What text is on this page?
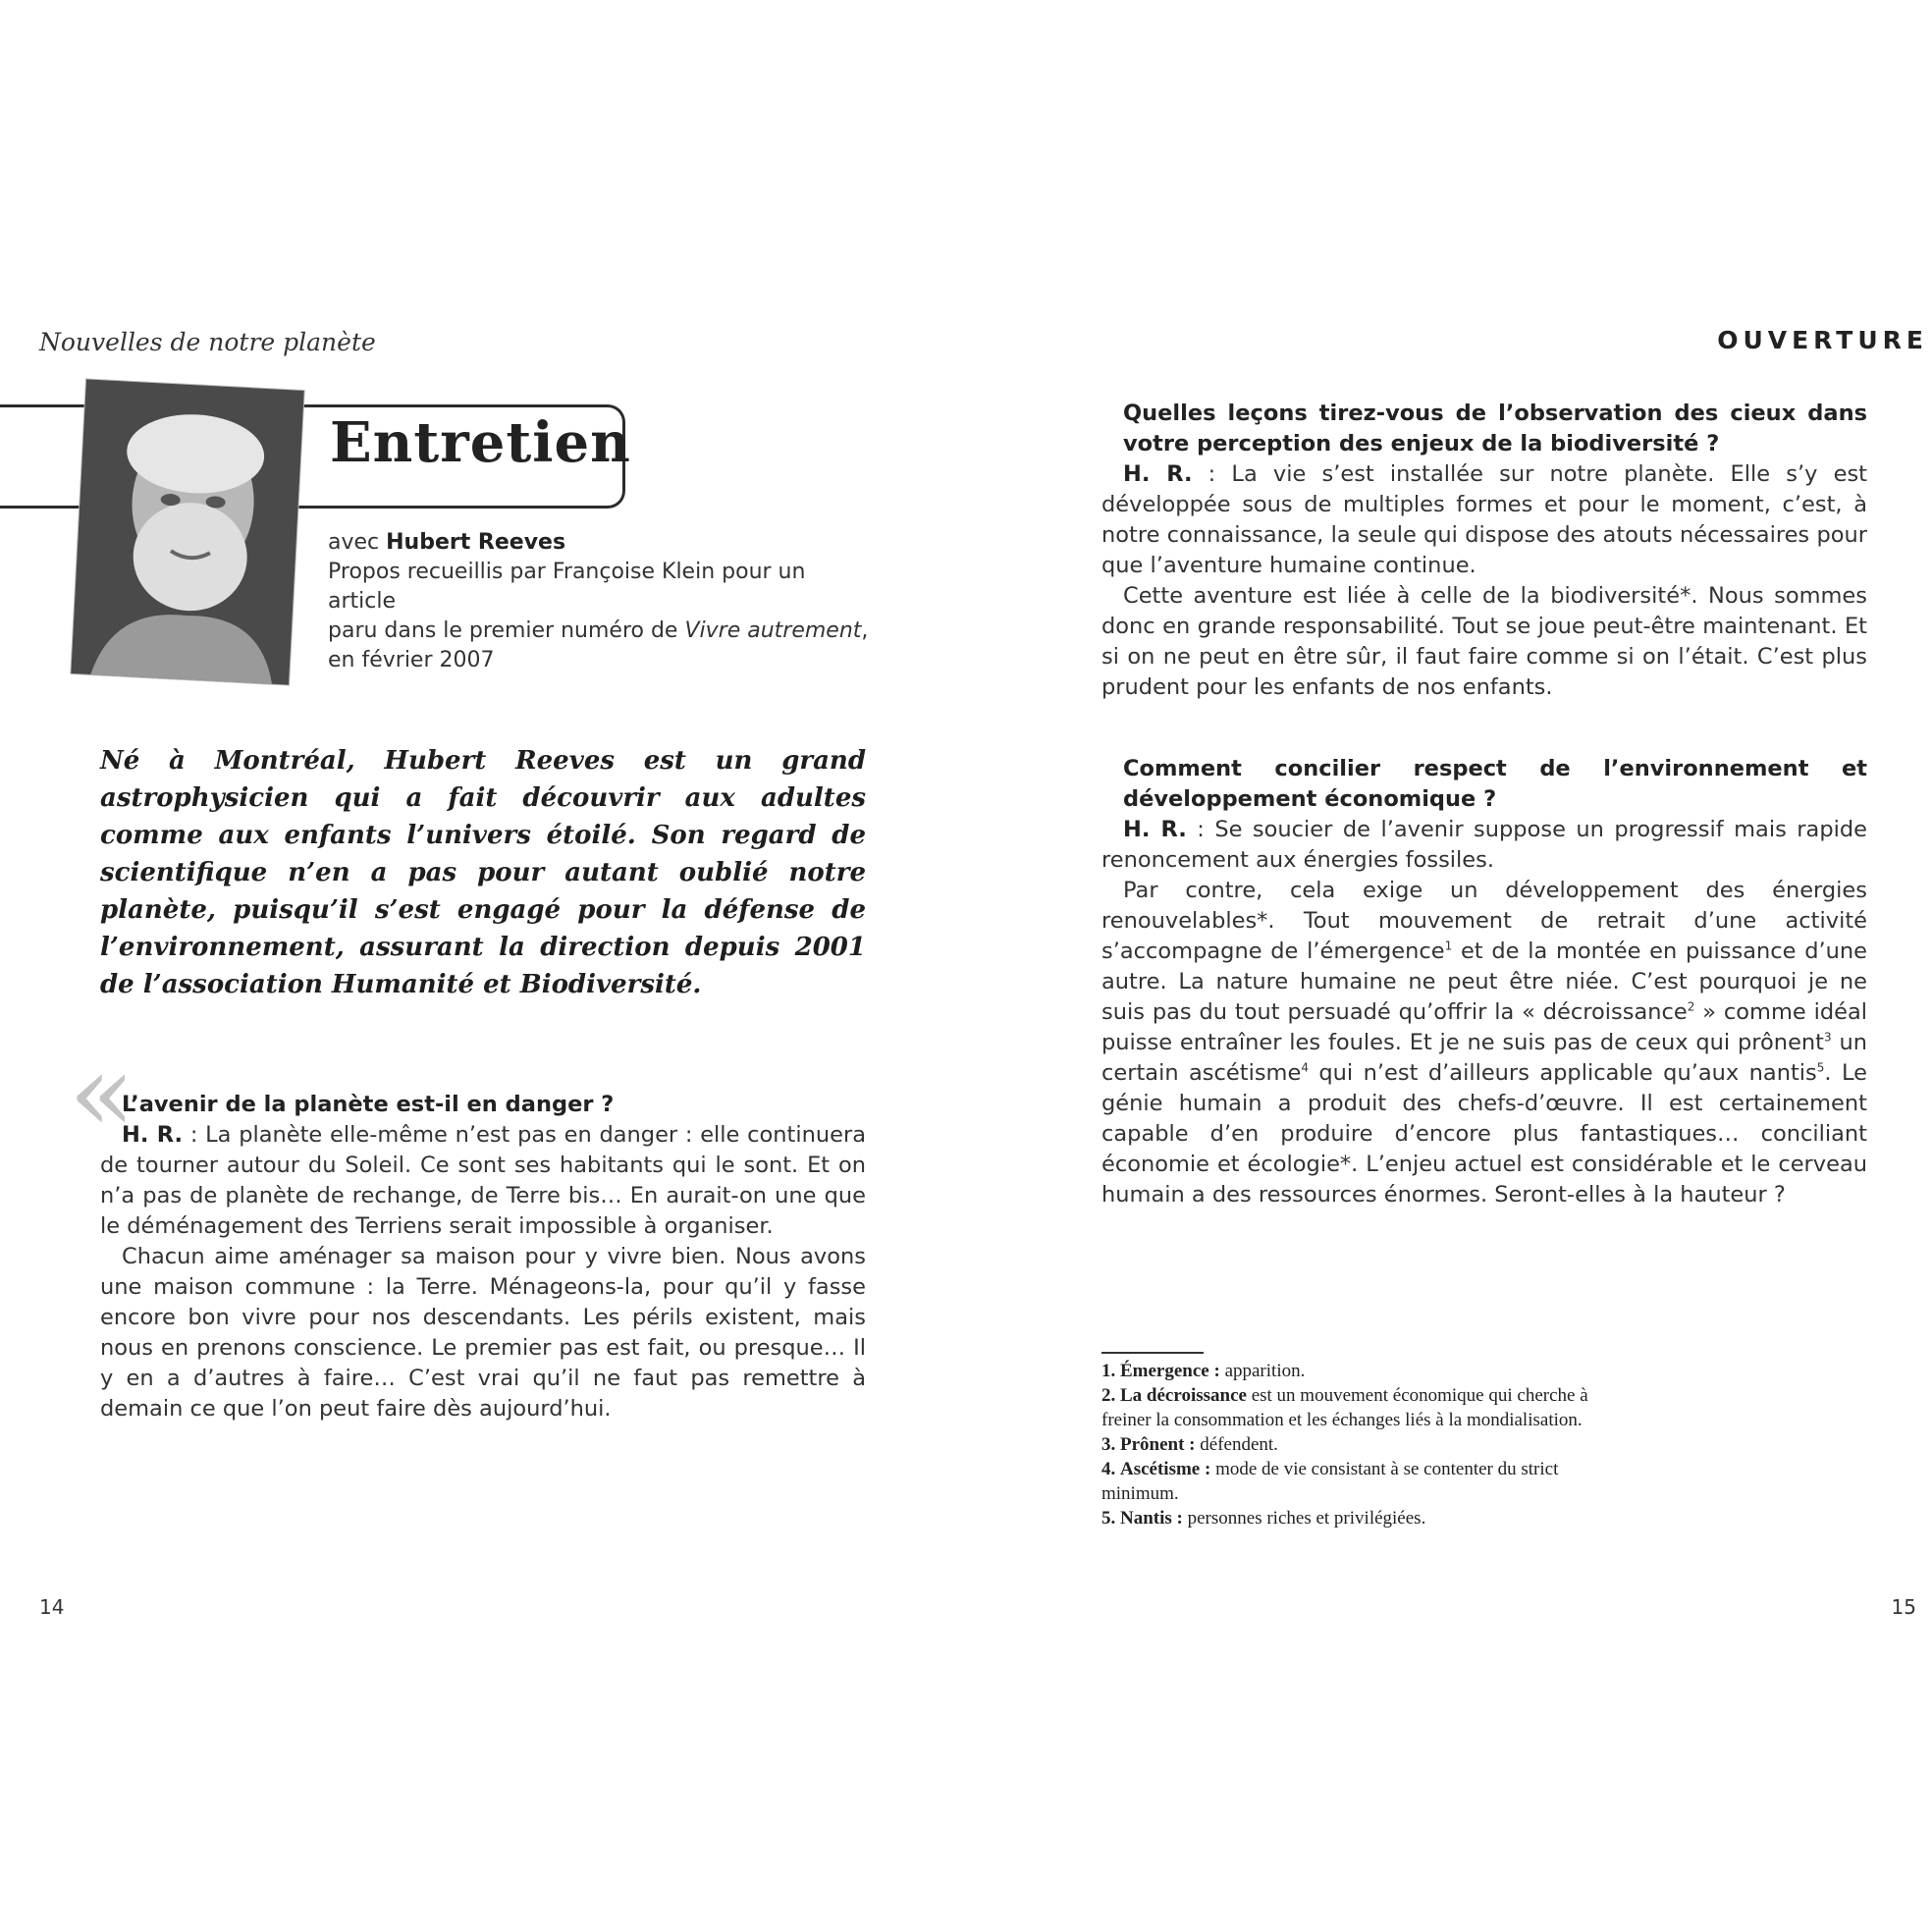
Nouvelles de notre planète	OUVERTURE
Entretien
avec Hubert Reeves
Propos recueillis par Françoise Klein pour un article
paru dans le premier numéro de Vivre autrement,
en février 2007
Né à Montréal, Hubert Reeves est un grand astrophysicien qui a fait découvrir aux adultes comme aux enfants l’univers étoilé. Son regard de scientifique n’en a pas pour autant oublié notre planète, puisqu’il s’est engagé pour la défense de l’environnement, assurant la direction depuis 2001 de l’association Humanité et Biodiversité.
«
L’avenir de la planète est-il en danger ?

H. R. : La planète elle-même n’est pas en danger : elle continuera de tourner autour du Soleil. Ce sont ses habitants qui le sont. Et on n’a pas de planète de rechange, de Terre bis… En aurait-on une que le déménagement des Terriens serait impossible à organiser.

Chacun aime aménager sa maison pour y vivre bien. Nous avons une maison commune : la Terre. Ménageons-la, pour qu’il y fasse encore bon vivre pour nos descendants. Les périls existent, mais nous en prenons conscience. Le premier pas est fait, ou presque… Il y en a d’autres à faire… C’est vrai qu’il ne faut pas remettre à demain ce que l’on peut faire dès aujourd’hui.

Quelles leçons tirez-vous de l’observation des cieux dans votre perception des enjeux de la biodiversité ?

H. R. : La vie s’est installée sur notre planète. Elle s’y est développée sous de multiples formes et pour le moment, c’est, à notre connaissance, la seule qui dispose des atouts nécessaires pour que l’aventure humaine continue.

Cette aventure est liée à celle de la biodiversité*. Nous sommes donc en grande responsabilité. Tout se joue peut-être maintenant. Et si on ne peut en être sûr, il faut faire comme si on l’était. C’est plus prudent pour les enfants de nos enfants.

Comment concilier respect de l’environnement et développement économique ?

H. R. : Se soucier de l’avenir suppose un progressif mais rapide renoncement aux énergies fossiles.

Par contre, cela exige un développement des énergies renouvelables*. Tout mouvement de retrait d’une activité s’accompagne de l’émergence$^1$ et de la montée en puissance d’une autre. La nature humaine ne peut être niée. C’est pourquoi je ne suis pas du tout persuadé qu’offrir la « décroissance$^2$ » comme idéal puisse entraîner les foules. Et je ne suis pas de ceux qui prônent$^3$ un certain ascétisme$^4$ qui n’est d’ailleurs applicable qu’aux nantis$^5$. Le génie humain a produit des chefs-d’œuvre. Il est certainement capable d’en produire d’encore plus fantastiques… conciliant économie et écologie*. L’enjeu actuel est considérable et le cerveau humain a des ressources énormes. Seront-elles à la hauteur ?

1. Émergence : apparition.
2. La décroissance est un mouvement économique qui cherche à freiner la consommation et les échanges liés à la mondialisation.
3. Prônent : défendent.
4. Ascétisme : mode de vie consistant à se contenter du strict minimum.
5. Nantis : personnes riches et privilégiées.
14	15
